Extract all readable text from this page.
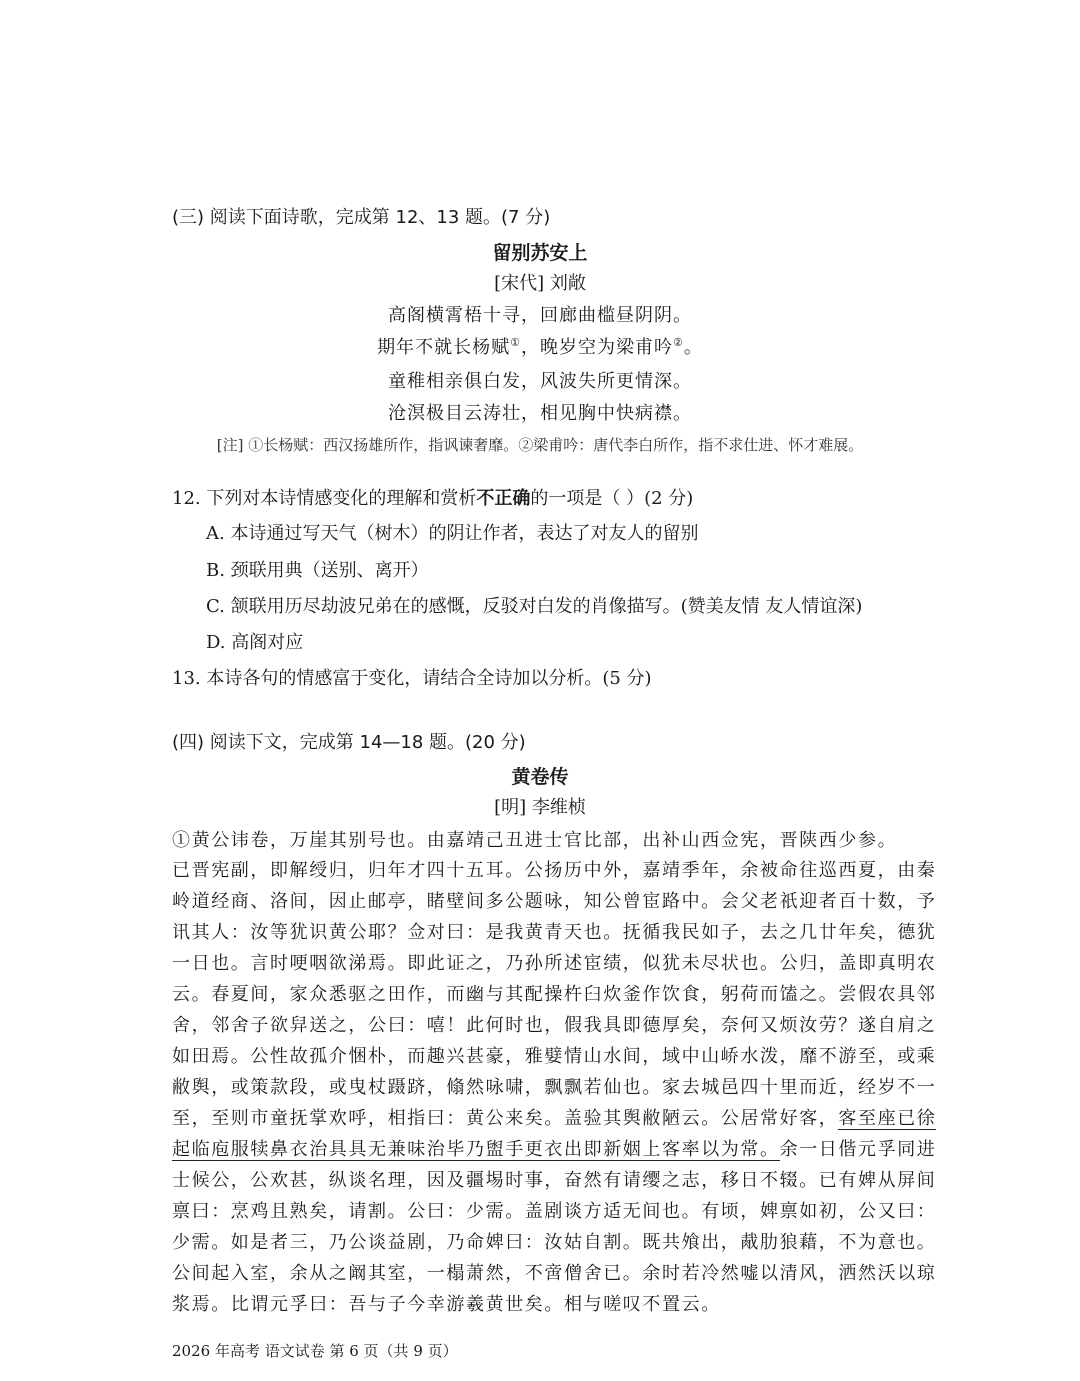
(三) 阅读下面诗歌，完成第 12、13 题。(7 分)
留别苏安上
[宋代] 刘敞
高阁横霄梧十寻，回廊曲槛昼阴阴。
期年不就长杨赋①，晚岁空为梁甫吟②。
童稚相亲俱白发，风波失所更情深。
沧溟极目云涛壮，相见胸中快病襟。
[注] ①长杨赋：西汉扬雄所作，指讽谏奢靡。②梁甫吟：唐代李白所作，指不求仕进、怀才难展。
12. 下列对本诗情感变化的理解和赏析不正确的一项是（ ）(2 分)
A. 本诗通过写天气（树木）的阴让作者，表达了对友人的留别
B. 颈联用典（送别、离开）
C. 颔联用历尽劫波兄弟在的感慨，反驳对白发的肖像描写。(赞美友情 友人情谊深)
D. 高阁对应
13. 本诗各句的情感富于变化，请结合全诗加以分析。(5 分)
(四) 阅读下文，完成第 14—18 题。(20 分)
黄卷传
[明] 李维桢
①黄公讳卷，万崖其别号也。由嘉靖己丑进士官比部，出补山西佥宪，晋陕西少参。
已晋宪副，即解绶归，归年才四十五耳。公扬历中外，嘉靖季年，余被命往巡西夏，由秦
岭道经商、洛间，因止邮亭，睹壁间多公题咏，知公曾宦路中。会父老祇迎者百十数，予
讯其人：汝等犹识黄公耶？佥对曰：是我黄青天也。抚循我民如子，去之几廿年矣，德犹
一日也。言时哽咽欲涕焉。即此证之，乃孙所述宦绩，似犹未尽状也。公归，盖即真明农
云。春夏间，家众悉驱之田作，而幽与其配操杵臼炊釜作饮食，躬荷而馌之。尝假农具邻
舍，邻舍子欲舁送之，公曰：嘻！此何时也，假我具即德厚矣，奈何又烦汝劳？遂自肩之
如田焉。公性故孤介悃朴，而趣兴甚豪，雅嬖情山水间，域中山峤水泼，靡不游至，或乘
敝舆，或策款段，或曳杖蹑跻，翛然咏啸，飘飘若仙也。家去城邑四十里而近，经岁不一
至，至则市童抚掌欢呼，相指曰：黄公来矣。盖验其舆敝陋云。公居常好客，客至座已徐
起临庖服犊鼻衣治具具无兼味治毕乃盥手更衣出即新姻上客率以为常。余一日偕元孚同进
士候公，公欢甚，纵谈名理，因及疆埸时事，奋然有请缨之志，移日不辍。已有婢从屏间
禀曰：烹鸡且熟矣，请割。公曰：少需。盖剧谈方适无间也。有顷，婢禀如初，公又曰：
少需。如是者三，乃公谈益剧，乃命婢曰：汝姑自割。既共飧出，胾肋狼藉，不为意也。
公间起入室，余从之阚其室，一榻萧然，不啻僧舍已。余时若冷然嘘以清风，洒然沃以琼
浆焉。比谓元孚曰：吾与子今幸游羲黄世矣。相与嗟叹不置云。
2026 年高考 语文试卷 第 6 页（共 9 页）
